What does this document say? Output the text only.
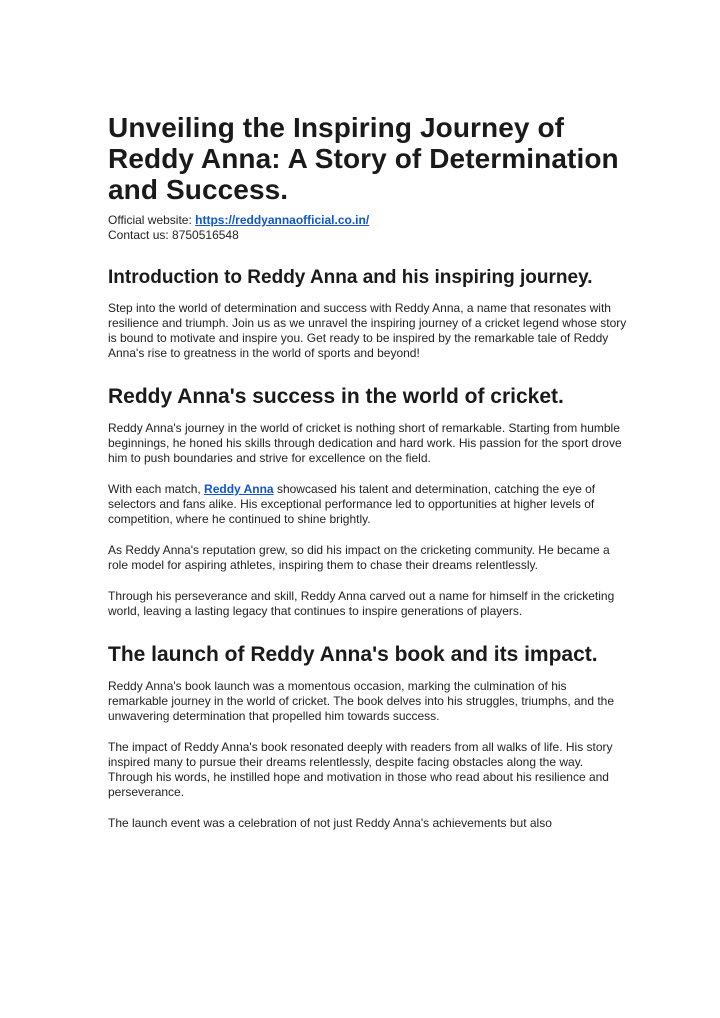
Unveiling the Inspiring Journey of Reddy Anna: A Story of Determination and Success.
Official website: https://reddyannaofficial.co.in/
Contact us: 8750516548
Introduction to Reddy Anna and his inspiring journey.

Step into the world of determination and success with Reddy Anna, a name that resonates with resilience and triumph. Join us as we unravel the inspiring journey of a cricket legend whose story is bound to motivate and inspire you. Get ready to be inspired by the remarkable tale of Reddy Anna's rise to greatness in the world of sports and beyond!

Reddy Anna's success in the world of cricket.

Reddy Anna's journey in the world of cricket is nothing short of remarkable. Starting from humble beginnings, he honed his skills through dedication and hard work. His passion for the sport drove him to push boundaries and strive for excellence on the field.

With each match, Reddy Anna showcased his talent and determination, catching the eye of selectors and fans alike. His exceptional performance led to opportunities at higher levels of competition, where he continued to shine brightly.

As Reddy Anna's reputation grew, so did his impact on the cricketing community. He became a role model for aspiring athletes, inspiring them to chase their dreams relentlessly.

Through his perseverance and skill, Reddy Anna carved out a name for himself in the cricketing world, leaving a lasting legacy that continues to inspire generations of players.

The launch of Reddy Anna's book and its impact.

Reddy Anna's book launch was a momentous occasion, marking the culmination of his remarkable journey in the world of cricket. The book delves into his struggles, triumphs, and the unwavering determination that propelled him towards success.

The impact of Reddy Anna's book resonated deeply with readers from all walks of life. His story inspired many to pursue their dreams relentlessly, despite facing obstacles along the way. Through his words, he instilled hope and motivation in those who read about his resilience and perseverance.

The launch event was a celebration of not just Reddy Anna's achievements but also
